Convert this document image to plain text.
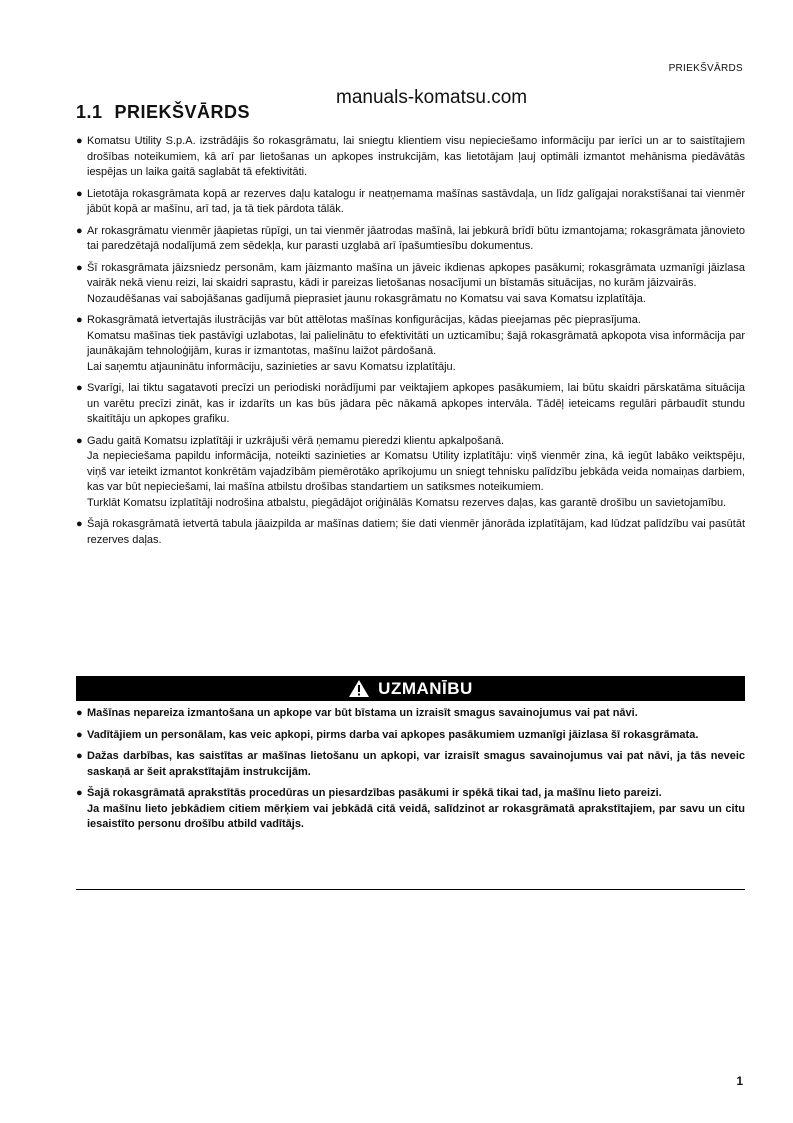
PRIEKŠVĀRDS
manuals-komatsu.com
1.1 PRIEKŠVĀRDS
● Komatsu Utility S.p.A. izstrādājis šo rokasgrāmatu, lai sniegtu klientiem visu nepieciešamo informāciju par ierīci un ar to saistītajiem drošības noteikumiem, kā arī par lietošanas un apkopes instrukcijām, kas lietotājam ļauj optimāli izmantot mehānisma piedāvātās iespējas un laika gaitā saglabāt tā efektivitāti.

● Lietotāja rokasgrāmata kopā ar rezerves daļu katalogu ir neatņemama mašīnas sastāvdaļa, un līdz galīgajai norakstīšanai tai vienmēr jābūt kopā ar mašīnu, arī tad, ja tā tiek pārdota tālāk.

● Ar rokasgrāmatu vienmēr jāapietas rūpīgi, un tai vienmēr jāatrodas mašīnā, lai jebkurā brīdī būtu izmantojama; rokasgrāmata jānovieto tai paredzētajā nodalījumā zem sēdekļa, kur parasti uzglabā arī īpašumtiesību dokumentus.

● Šī rokasgrāmata jāizsniedz personām, kam jāizmanto mašīna un jāveic ikdienas apkopes pasākumi; rokasgrāmata uzmanīgi jāizlasa vairāk nekā vienu reizi, lai skaidri saprastu, kādi ir pareizas lietošanas nosacījumi un bīstamās situācijas, no kurām jāizvairās.

Nozaudēšanas vai sabojāšanas gadījumā pieprasiet jaunu rokasgrāmatu no Komatsu vai sava Komatsu izplatītāja.

● Rokasgrāmatā ietvertajās ilustrācijās var būt attēlotas mašīnas konfigurācijas, kādas pieejamas pēc pieprasījuma.

Komatsu mašīnas tiek pastāvīgi uzlabotas, lai palielinātu to efektivitāti un uzticamību; šajā rokasgrāmatā apkopota visa informācija par jaunākajām tehnoloģijām, kuras ir izmantotas, mašīnu laižot pārdošanā.

Lai saņemtu atjauninātu informāciju, sazinieties ar savu Komatsu izplatītāju.

● Svarīgi, lai tiktu sagatavoti precīzi un periodiski norādījumi par veiktajiem apkopes pasākumiem, lai būtu skaidri pārskatāma situācija un varētu precīzi zināt, kas ir izdarīts un kas būs jādara pēc nākamā apkopes intervāla. Tādēļ ieteicams regulāri pārbaudīt stundu skaitītāju un apkopes grafiku.

● Gadu gaitā Komatsu izplatītāji ir uzkrājuši vērā ņemamu pieredzi klientu apkalpošanā.

Ja nepieciešama papildu informācija, noteikti sazinieties ar Komatsu Utility izplatītāju: viņš vienmēr zina, kā iegūt labāko veiktspēju, viņš var ieteikt izmantot konkrētām vajadzībām piemērotāko aprīkojumu un sniegt tehnisku palīdzību jebkāda veida nomaiņas darbiem, kas var būt nepieciešami, lai mašīna atbilstu drošības standartiem un satiksmes noteikumiem.

Turklāt Komatsu izplatītāji nodrošina atbalstu, piegādājot oriģinālās Komatsu rezerves daļas, kas garantē drošību un savietojamību.

● Šajā rokasgrāmatā ietvertā tabula jāaizpilda ar mašīnas datiem; šie dati vienmēr jānorāda izplatītājam, kad lūdzat palīdzību vai pasūtāt rezerves daļas.

UZMANĪBU
● Mašīnas nepareiza izmantošana un apkope var būt bīstama un izraisīt smagus savainojumus vai pat nāvi.

● Vadītājiem un personālam, kas veic apkopi, pirms darba vai apkopes pasākumiem uzmanīgi jāizlasa šī rokasgrāmata.

● Dažas darbības, kas saistītas ar mašīnas lietošanu un apkopi, var izraisīt smagus savainojumus vai pat nāvi, ja tās neveic saskaņā ar šeit aprakstītajām instrukcijām.

● Šajā rokasgrāmatā aprakstītās procedūras un piesardzības pasākumi ir spēkā tikai tad, ja mašīnu lieto pareizi.

Ja mašīnu lieto jebkādiem citiem mērķiem vai jebkādā citā veidā, salīdzinot ar rokasgrāmatā aprakstītajiem, par savu un citu iesaistīto personu drošību atbild vadītājs.

1
